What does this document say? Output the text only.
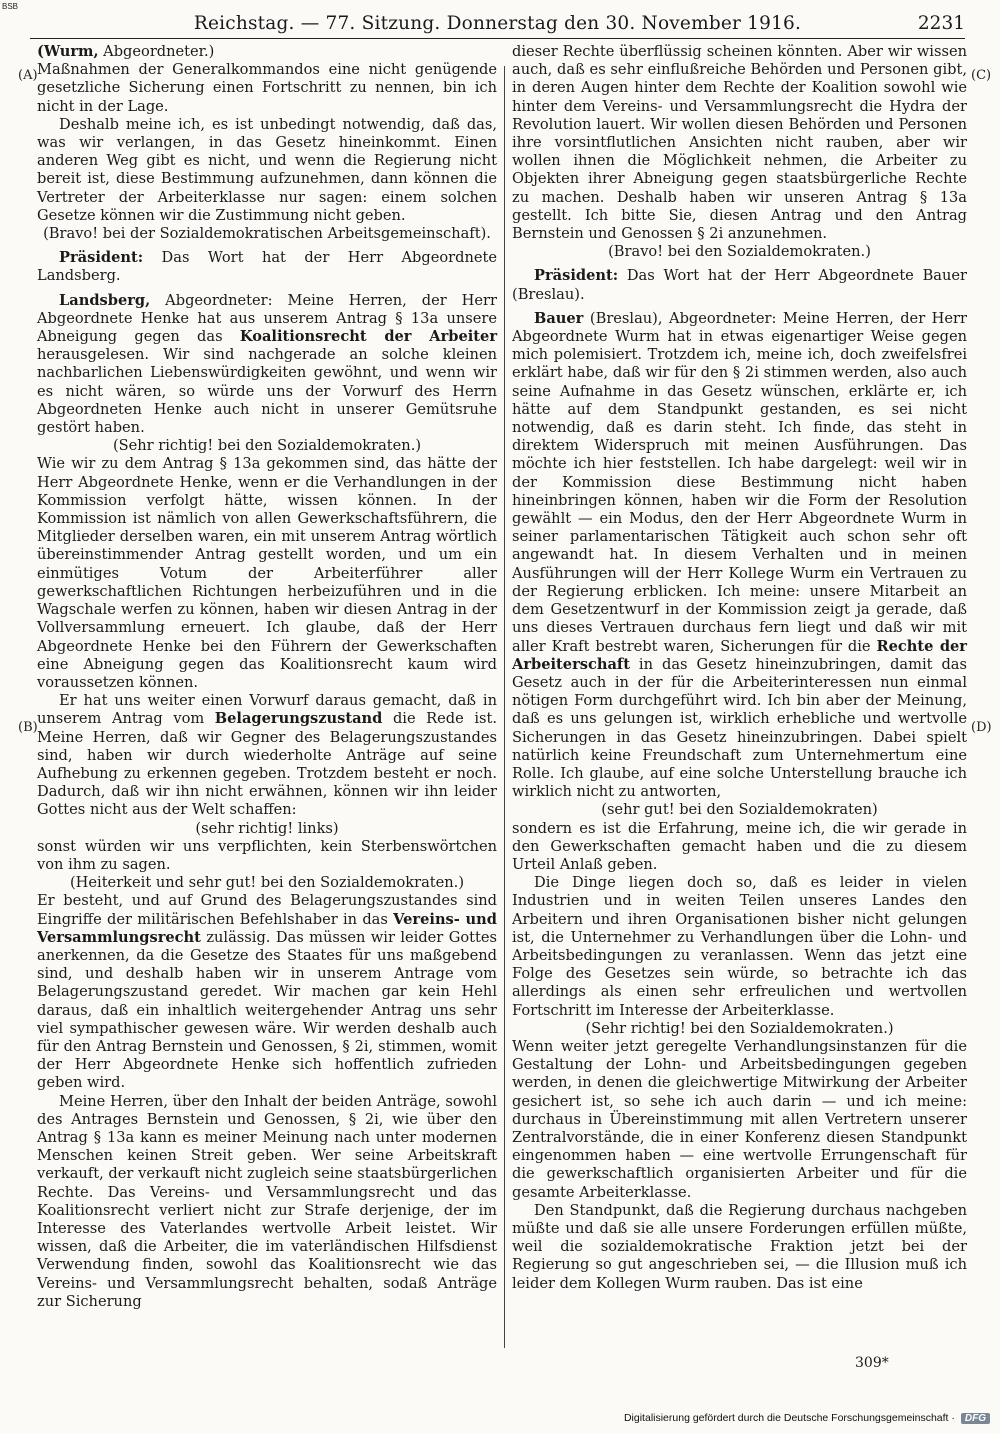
BSB
Reichstag. — 77. Sitzung. Donnerstag den 30. November 1916.	2231
(A)
(B)
(C)
(D)

(Wurm, Abgeordneter.)

Maßnahmen der Generalkommandos eine nicht genügende gesetzliche Sicherung einen Fortschritt zu nennen, bin ich nicht in der Lage.

Deshalb meine ich, es ist unbedingt notwendig, daß das, was wir verlangen, in das Gesetz hineinkommt. Einen anderen Weg gibt es nicht, und wenn die Regierung nicht bereit ist, diese Bestimmung aufzunehmen, dann können die Vertreter der Arbeiterklasse nur sagen: einem solchen Gesetze können wir die Zustimmung nicht geben.

(Bravo! bei der Sozialdemokratischen Arbeitsgemeinschaft).

Präsident: Das Wort hat der Herr Abgeordnete Landsberg.

Landsberg, Abgeordneter: Meine Herren, der Herr Abgeordnete Henke hat aus unserem Antrag § 13a unsere Abneigung gegen das Koalitionsrecht der Arbeiter herausgelesen. Wir sind nachgerade an solche kleinen nachbarlichen Liebenswürdigkeiten gewöhnt, und wenn wir es nicht wären, so würde uns der Vorwurf des Herrn Abgeordneten Henke auch nicht in unserer Gemütsruhe gestört haben.

(Sehr richtig! bei den Sozialdemokraten.)

Wie wir zu dem Antrag § 13a gekommen sind, das hätte der Herr Abgeordnete Henke, wenn er die Verhandlungen in der Kommission verfolgt hätte, wissen können. In der Kommission ist nämlich von allen Gewerkschaftsführern, die Mitglieder derselben waren, ein mit unserem Antrag wörtlich übereinstimmender Antrag gestellt worden, und um ein einmütiges Votum der Arbeiterführer aller gewerkschaftlichen Richtungen herbeizuführen und in die Wagschale werfen zu können, haben wir diesen Antrag in der Vollversammlung erneuert. Ich glaube, daß der Herr Abgeordnete Henke bei den Führern der Gewerkschaften eine Abneigung gegen das Koalitionsrecht kaum wird voraussetzen können.

Er hat uns weiter einen Vorwurf daraus gemacht, daß in unserem Antrag vom Belagerungszustand die Rede ist. Meine Herren, daß wir Gegner des Belagerungszustandes sind, haben wir durch wiederholte Anträge auf seine Aufhebung zu erkennen gegeben. Trotzdem besteht er noch. Dadurch, daß wir ihn nicht erwähnen, können wir ihn leider Gottes nicht aus der Welt schaffen:

(sehr richtig! links)

sonst würden wir uns verpflichten, kein Sterbenswörtchen von ihm zu sagen.

(Heiterkeit und sehr gut! bei den Sozialdemokraten.)

Er besteht, und auf Grund des Belagerungszustandes sind Eingriffe der militärischen Befehlshaber in das Vereins- und Versammlungsrecht zulässig. Das müssen wir leider Gottes anerkennen, da die Gesetze des Staates für uns maßgebend sind, und deshalb haben wir in unserem Antrage vom Belagerungszustand geredet. Wir machen gar kein Hehl daraus, daß ein inhaltlich weitergehender Antrag uns sehr viel sympathischer gewesen wäre. Wir werden deshalb auch für den Antrag Bernstein und Genossen, § 2i, stimmen, womit der Herr Abgeordnete Henke sich hoffentlich zufrieden geben wird.

Meine Herren, über den Inhalt der beiden Anträge, sowohl des Antrages Bernstein und Genossen, § 2i, wie über den Antrag § 13a kann es meiner Meinung nach unter modernen Menschen keinen Streit geben. Wer seine Arbeitskraft verkauft, der verkauft nicht zugleich seine staatsbürgerlichen Rechte. Das Vereins- und Versammlungsrecht und das Koalitionsrecht verliert nicht zur Strafe derjenige, der im Interesse des Vaterlandes wertvolle Arbeit leistet. Wir wissen, daß die Arbeiter, die im vaterländischen Hilfsdienst Verwendung finden, sowohl das Koalitionsrecht wie das Vereins- und Versammlungsrecht behalten, sodaß Anträge zur Sicherung

dieser Rechte überflüssig scheinen könnten. Aber wir wissen auch, daß es sehr einflußreiche Behörden und Personen gibt, in deren Augen hinter dem Rechte der Koalition sowohl wie hinter dem Vereins- und Versammlungsrecht die Hydra der Revolution lauert. Wir wollen diesen Behörden und Personen ihre vorsintflutlichen Ansichten nicht rauben, aber wir wollen ihnen die Möglichkeit nehmen, die Arbeiter zu Objekten ihrer Abneigung gegen staatsbürgerliche Rechte zu machen. Deshalb haben wir unseren Antrag § 13a gestellt. Ich bitte Sie, diesen Antrag und den Antrag Bernstein und Genossen § 2i anzunehmen.

(Bravo! bei den Sozialdemokraten.)

Präsident: Das Wort hat der Herr Abgeordnete Bauer (Breslau).

Bauer (Breslau), Abgeordneter: Meine Herren, der Herr Abgeordnete Wurm hat in etwas eigenartiger Weise gegen mich polemisiert. Trotzdem ich, meine ich, doch zweifelsfrei erklärt habe, daß wir für den § 2i stimmen werden, also auch seine Aufnahme in das Gesetz wünschen, erklärte er, ich hätte auf dem Standpunkt gestanden, es sei nicht notwendig, daß es darin steht. Ich finde, das steht in direktem Widerspruch mit meinen Ausführungen. Das möchte ich hier feststellen. Ich habe dargelegt: weil wir in der Kommission diese Bestimmung nicht haben hineinbringen können, haben wir die Form der Resolution gewählt — ein Modus, den der Herr Abgeordnete Wurm in seiner parlamentarischen Tätigkeit auch schon sehr oft angewandt hat. In diesem Verhalten und in meinen Ausführungen will der Herr Kollege Wurm ein Vertrauen zu der Regierung erblicken. Ich meine: unsere Mitarbeit an dem Gesetzentwurf in der Kommission zeigt ja gerade, daß uns dieses Vertrauen durchaus fern liegt und daß wir mit aller Kraft bestrebt waren, Sicherungen für die Rechte der Arbeiterschaft in das Gesetz hineinzubringen, damit das Gesetz auch in der für die Arbeiterinteressen nun einmal nötigen Form durchgeführt wird. Ich bin aber der Meinung, daß es uns gelungen ist, wirklich erhebliche und wertvolle Sicherungen in das Gesetz hineinzubringen. Dabei spielt natürlich keine Freundschaft zum Unternehmertum eine Rolle. Ich glaube, auf eine solche Unterstellung brauche ich wirklich nicht zu antworten,

(sehr gut! bei den Sozialdemokraten)

sondern es ist die Erfahrung, meine ich, die wir gerade in den Gewerkschaften gemacht haben und die zu diesem Urteil Anlaß geben.

Die Dinge liegen doch so, daß es leider in vielen Industrien und in weiten Teilen unseres Landes den Arbeitern und ihren Organisationen bisher nicht gelungen ist, die Unternehmer zu Verhandlungen über die Lohn- und Arbeitsbedingungen zu veranlassen. Wenn das jetzt eine Folge des Gesetzes sein würde, so betrachte ich das allerdings als einen sehr erfreulichen und wertvollen Fortschritt im Interesse der Arbeiterklasse.

(Sehr richtig! bei den Sozialdemokraten.)

Wenn weiter jetzt geregelte Verhandlungsinstanzen für die Gestaltung der Lohn- und Arbeitsbedingungen gegeben werden, in denen die gleichwertige Mitwirkung der Arbeiter gesichert ist, so sehe ich auch darin — und ich meine: durchaus in Übereinstimmung mit allen Vertretern unserer Zentralvorstände, die in einer Konferenz diesen Standpunkt eingenommen haben — eine wertvolle Errungenschaft für die gewerkschaftlich organisierten Arbeiter und für die gesamte Arbeiterklasse.

Den Standpunkt, daß die Regierung durchaus nachgeben müßte und daß sie alle unsere Forderungen erfüllen müßte, weil die sozialdemokratische Fraktion jetzt bei der Regierung so gut angeschrieben sei, — die Illusion muß ich leider dem Kollegen Wurm rauben. Das ist eine

309*
Digitalisierung gefördert durch die Deutsche Forschungsgemeinschaft ·	DFG
